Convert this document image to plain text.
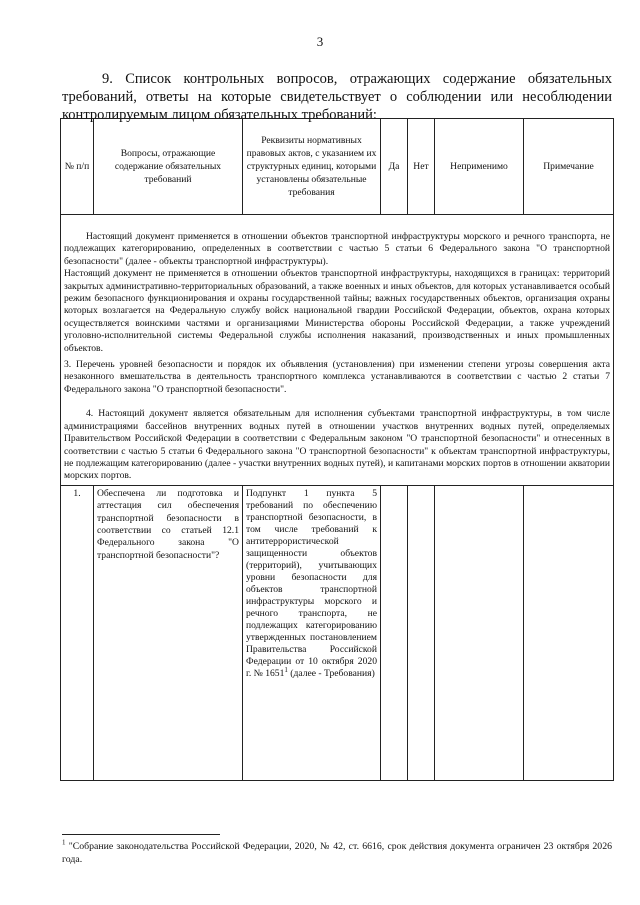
3
9. Список контрольных вопросов, отражающих содержание обязательных требований, ответы на которые свидетельствует о соблюдении или несоблюдении контролируемым лицом обязательных требований:
№ п/п	Вопросы, отражающие содержание обязательных требований	Реквизиты нормативных правовых актов, с указанием их структурных единиц, которыми установлены обязательные требования	Да	Нет	Неприменимо	Примечание

Настоящий документ применяется в отношении объектов транспортной инфраструктуры морского и речного транспорта, не подлежащих категорированию, определенных в соответствии с частью 5 статьи 6 Федерального закона "О транспортной безопасности" (далее - объекты транспортной инфраструктуры).

Настоящий документ не применяется в отношении объектов транспортной инфраструктуры, находящихся в границах: территорий закрытых административно-территориальных образований, а также военных и иных объектов, для которых устанавливается особый режим безопасного функционирования и охраны государственной тайны; важных государственных объектов, организация охраны которых возлагается на Федеральную службу войск национальной гвардии Российской Федерации, объектов, охрана которых осуществляется воинскими частями и организациями Министерства обороны Российской Федерации, а также учреждений уголовно-исполнительной системы Федеральной службы исполнения наказаний, производственных и иных промышленных объектов.

3. Перечень уровней безопасности и порядок их объявления (установления) при изменении степени угрозы совершения акта незаконного вмешательства в деятельность транспортного комплекса устанавливаются в соответствии с частью 2 статьи 7 Федерального закона "О транспортной безопасности".

4. Настоящий документ является обязательным для исполнения субъектами транспортной инфраструктуры, в том числе администрациями бассейнов внутренних водных путей в отношении участков внутренних водных путей, определяемых Правительством Российской Федерации в соответствии с Федеральным законом "О транспортной безопасности" и отнесенных в соответствии с частью 5 статьи 6 Федерального закона "О транспортной безопасности" к объектам транспортной инфраструктуры, не подлежащим категорированию (далее - участки внутренних водных путей), и капитанами морских портов в отношении акватории морских портов.						

1.	Обеспечена ли подготовка и аттестация сил обеспечения транспортной безопасности в соответствии со статьей 12.1 Федерального закона "О транспортной безопасности"?	Подпункт 1 пункта 5 требований по обеспечению транспортной безопасности, в том числе требований к антитеррористической защищенности объектов (территорий), учитывающих уровни безопасности для объектов транспортной инфраструктуры морского и речного транспорта, не подлежащих категорированию утвержденных постановлением Правительства Российской Федерации от 10 октября 2020 г. № 1651$^1$ (далее - Требования)				
$^1$ "Собрание законодательства Российской Федерации, 2020, № 42, ст. 6616, срок действия документа ограничен 23 октября 2026 года.
